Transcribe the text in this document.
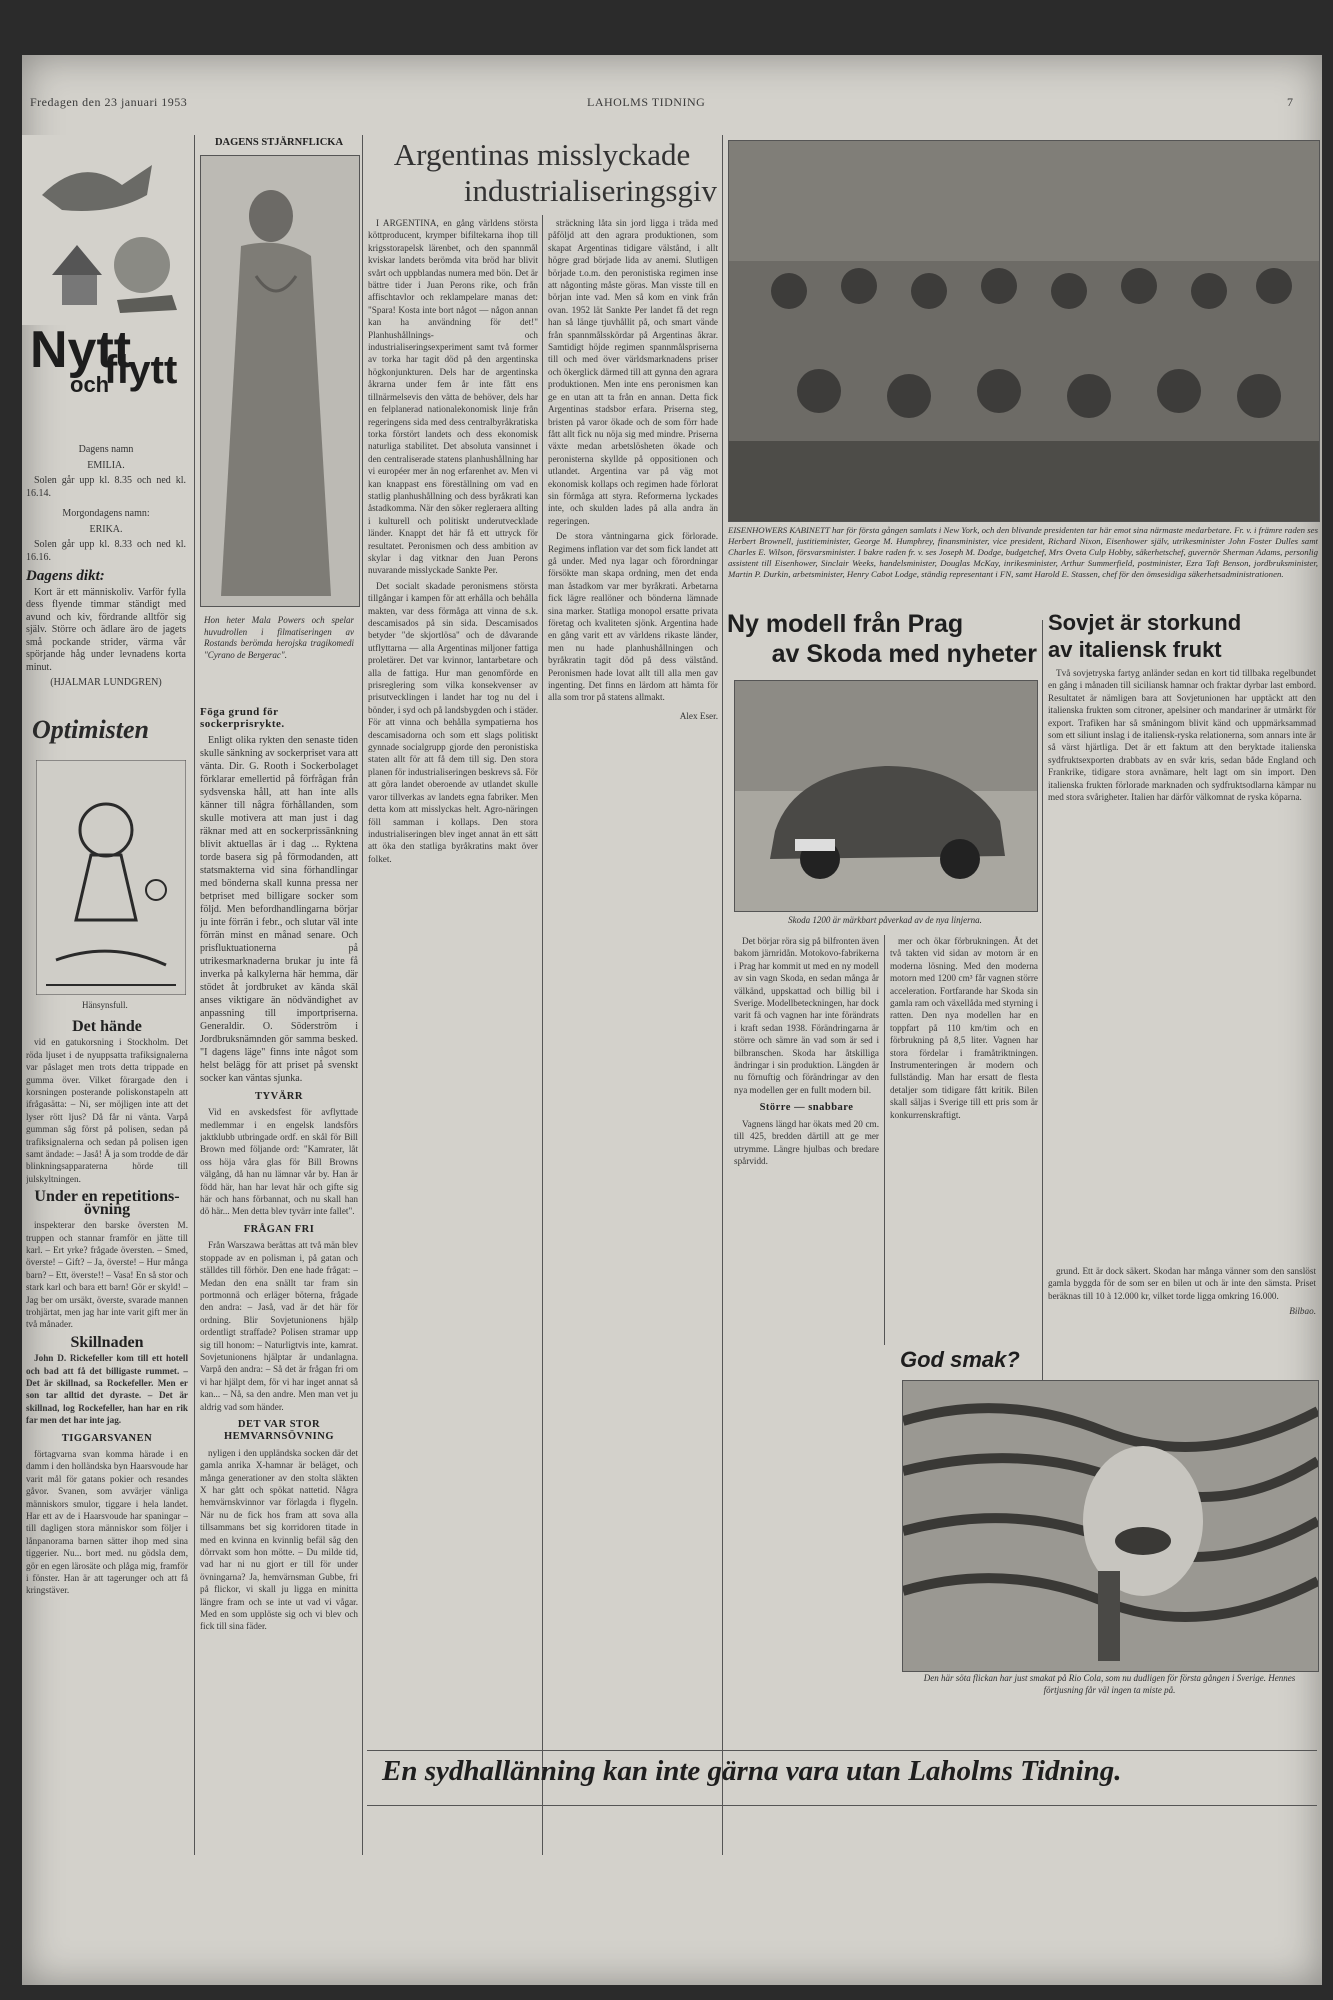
Fredagen den 23 januari 1953	LAHOLMS TIDNING	7
Nytt
och
flytt

Dagens namn

EMILIA.

Solen går upp kl. 8.35 och ned kl. 16.14.

Morgondagens namn:

ERIKA.

Solen går upp kl. 8.33 och ned kl. 16.16.

Dagens dikt:

Kort är ett människoliv. Varför fylla dess flyende timmar ständigt med avund och kiv, fördrande alltför sig själv. Större och ädlare äro de jagets små pockande strider, värma vår spörjande håg under levnadens korta minut.

(HJALMAR LUNDGREN)

Optimisten
Hänsynsfull.
Det hände

vid en gatukorsning i Stockholm. Det röda ljuset i de nyuppsatta trafiksignalerna var påslaget men trots detta trippade en gumma över. Vilket förargade den i korsningen posterande poliskonstapeln att ifrågasätta: – Ni, ser möjligen inte att det lyser rött ljus? Då får ni vänta. Varpå gumman såg först på polisen, sedan på trafiksignalerna och sedan på polisen igen samt ändade: – Jaså! Å ja som trodde de där blinkningsapparaterna hörde till julskyltningen.

Under en repetitions-övning

inspekterar den barske översten M. truppen och stannar framför en jätte till karl. – Ert yrke? frågade översten. – Smed, överste! – Gift? – Ja, överste! – Hur många barn? – Ett, överste!! – Vasa! En så stor och stark karl och bara ett barn! Gör er skyld! – Jag ber om ursäkt, överste, svarade mannen trohjärtat, men jag har inte varit gift mer än två månader.

Skillnaden

John D. Rickefeller kom till ett hotell och bad att få det billigaste rummet. – Det är skillnad, sa Rockefeller. Men er son tar alltid det dyraste. – Det är skillnad, log Rockefeller, han har en rik far men det har inte jag.

TIGGARSVANEN

förtagvarna svan komma härade i en damm i den holländska byn Haarsvoude har varit mål för gatans pokier och resandes gåvor. Svanen, som avvärjer vänliga människors smulor, tiggare i hela landet. Har ett av de i Haarsvoude har spaningar – till dagligen stora människor som följer i lånpanorama barnen sätter ihop med sina tiggerier. Nu... bort med. nu gödsla dem, gör en egen lärosäte och plåga mig, framför i fönster. Han är att tagerunger och att få kringstäver.

DAGENS STJÄRNFLICKA
Hon heter Mala Powers och spelar huvudrollen i filmatiseringen av Rostands berömda herojska tragikomedi "Cyrano de Bergerac".
Föga grund för sockerprisrykte.

Enligt olika rykten den senaste tiden skulle sänkning av sockerpriset vara att vänta. Dir. G. Rooth i Sockerbolaget förklarar emellertid på förfrågan från sydsvenska håll, att han inte alls känner till några förhållanden, som skulle motivera att man just i dag räknar med att en sockerprissänkning blivit aktuellas är i dag ... Ryktena torde basera sig på förmodanden, att statsmakterna vid sina förhandlingar med bönderna skall kunna pressa ner betpriset med billigare socker som följd. Men befordhandlingarna börjar ju inte förrän i febr., och slutar väl inte förrän minst en månad senare. Och prisfluktuationerna på utrikesmarknaderna brukar ju inte få inverka på kalkylerna här hemma, där stödet åt jordbruket av kända skäl anses viktigare än nödvändighet av anpassning till importpriserna. Generaldir. O. Söderström i Jordbruksnämnden gör samma besked. "I dagens läge" finns inte något som helst belägg för att priset på svenskt socker kan väntas sjunka.

TYVÄRR

Vid en avskedsfest för avflyttade medlemmar i en engelsk landsförs jaktklubb utbringade ordf. en skål för Bill Brown med följande ord: "Kamrater, låt oss höja våra glas för Bill Browns välgång, då han nu lämnar vår by. Han är född här, han har levat här och gifte sig här och hans förbannat, och nu skall han dö här... Men detta blev tyvärr inte fallet".

FRÅGAN FRI

Från Warszawa berättas att två män blev stoppade av en polisman i, på gatan och ställdes till förhör. Den ene hade frågat: – Medan den ena snällt tar fram sin portmonnä och erläger böterna, frågade den andra: – Jaså, vad är det här för ordning. Blir Sovjetunionens hjälp ordentligt straffade? Polisen stramar upp sig till honom: – Naturligtvis inte, kamrat. Sovjetunionens hjälptar är undanlagna. Varpå den andra: – Så det är frågan fri om vi har hjälpt dem, för vi har inget annat så kan... – Nå, sa den andre. Men man vet ju aldrig vad som händer.

DET VAR STOR HEMVARNSÖVNING

nyligen i den uppländska socken där det gamla anrika X-hamnar är beläget, och många generationer av den stolta släkten X har gått och spökat nattetid. Några hemvärnskvinnor var förlagda i flygeln. När nu de fick hos fram att sova alla tillsammans bet sig korridoren titade in med en kvinna en kvinnlig befäl såg den dörrvakt som hon mötte. – Du milde tid, vad har ni nu gjort er till för under övningarna? Ja, hemvärnsman Gubbe, fri på flickor, vi skall ju ligga en minitta längre fram och se inte ut vad vi vågar. Med en som upplöste sig och vi blev och fick till sina fäder.

Argentinas misslyckade
industrialiseringsgiv

I ARGENTINA, en gång världens största köttproducent, krymper bifiltekarna ihop till krigsstorapelsk lärenbet, och den spannmål kviskar landets berömda vita bröd har blivit svårt och uppblandas numera med bön. Det är bättre tider i Juan Perons rike, och från affischtavlor och reklampelare manas det: "Spara! Kosta inte bort något — någon annan kan ha användning för det!" Planhushållnings- och industrialiseringsexperiment samt två former av torka har tagit död på den argentinska högkonjunkturen. Dels har de argentinska åkrarna under fem år inte fått ens tillnärmelsevis den vätta de behöver, dels har en felplanerad nationalekonomisk linje från regeringens sida med dess centralbyråkratiska torka förstört landets och dess ekonomisk naturliga stabilitet. Det absoluta vansinnet i den centraliserade statens planhushållning har vi européer mer än nog erfarenhet av. Men vi kan knappast ens föreställning om vad en statlig planhushållning och dess byråkrati kan åstadkomma. När den söker regleraera allting i kulturell och politiskt underutvecklade länder. Knappt det här få ett uttryck för resultatet. Peronismen och dess ambition av skylar i dag vitknar den Juan Perons nuvarande misslyckade Sankte Per.

Det socialt skadade peronismens största tillgångar i kampen för att erhålla och behålla makten, var dess förmåga att vinna de s.k. descamisados på sin sida. Descamisados betyder "de skjortlösa" och de dåvarande utflyttarna — alla Argentinas miljoner fattiga proletärer. Det var kvinnor, lantarbetare och alla de fattiga. Hur man genomförde en prisreglering som vilka konsekvenser av prisutvecklingen i landet har tog nu del i bönder, i syd och på landsbygden och i städer. För att vinna och behålla sympatierna hos descamisadorna och som ett slags politiskt gynnade socialgrupp gjorde den peronistiska staten allt för att få dem till sig. Den stora planen för industrialiseringen beskrevs så. För att göra landet oberoende av utlandet skulle varor tillverkas av landets egna fabriker. Men detta kom att misslyckas helt. Agro-näringen föll samman i kollaps. Den stora industrialiseringen blev inget annat än ett sätt att öka den statliga byråkratins makt över folket.

sträckning låta sin jord ligga i träda med påföljd att den agrara produktionen, som skapat Argentinas tidigare välstånd, i allt högre grad började lida av anemi. Slutligen började t.o.m. den peronistiska regimen inse att någonting måste göras. Man visste till en början inte vad. Men så kom en vink från ovan. 1952 lät Sankte Per landet få det regn han så länge tjuvhållit på, och smart vände från spannmålsskördar på Argentinas åkrar. Samtidigt höjde regimen spannmålspriserna till och med över världsmarknadens priser och ökerglick därmed till att gynna den agrara produktionen. Men inte ens peronismen kan ge en utan att ta från en annan. Detta fick Argentinas stadsbor erfara. Priserna steg, bristen på varor ökade och de som förr hade fått allt fick nu nöja sig med mindre. Priserna växte medan arbetslösheten ökade och peronisterna skyllde på oppositionen och utlandet. Argentina var på väg mot ekonomisk kollaps och regimen hade förlorat sin förmåga att styra. Reformerna lyckades inte, och skulden lades på alla andra än regeringen.

De stora väntningarna gick förlorade. Regimens inflation var det som fick landet att gå under. Med nya lagar och förordningar försökte man skapa ordning, men det enda man åstadkom var mer byråkrati. Arbetarna fick lägre reallöner och bönderna lämnade sina marker. Statliga monopol ersatte privata företag och kvaliteten sjönk. Argentina hade en gång varit ett av världens rikaste länder, men nu hade planhushållningen och byråkratin tagit död på dess välstånd. Peronismen hade lovat allt till alla men gav ingenting. Det finns en lärdom att hämta för alla som tror på statens allmakt.

Alex Eser.

EISENHOWERS KABINETT har för första gången samlats i New York, och den blivande presidenten tar här emot sina närmaste medarbetare. Fr. v. i främre raden ses Herbert Brownell, justitieminister, George M. Humphrey, finansminister, vice president, Richard Nixon, Eisenhower själv, utrikesminister John Foster Dulles samt Charles E. Wilson, försvarsminister. I bakre raden fr. v. ses Joseph M. Dodge, budgetchef, Mrs Oveta Culp Hobby, säkerhetschef, guvernör Sherman Adams, personlig assistent till Eisenhower, Sinclair Weeks, handelsminister, Douglas McKay, inrikesminister, Arthur Summerfield, postminister, Ezra Taft Benson, jordbruksminister, Martin P. Durkin, arbetsminister, Henry Cabot Lodge, ständig representant i FN, samt Harold E. Stassen, chef för den ömsesidiga säkerhetsadministrationen.
Ny modell från Prag
av Skoda med nyheter
Skoda 1200 är märkbart påverkad av de nya linjerna.

Det börjar röra sig på bilfronten även bakom järnridån. Motokovo-fabrikerna i Prag har kommit ut med en ny modell av sin vagn Skoda, en sedan många år välkänd, uppskattad och billig bil i Sverige. Modellbeteckningen, har dock varit fä och vagnen har inte förändrats i kraft sedan 1938. Förändringarna är större och sämre än vad som är sed i bilbranschen. Skoda har åtskilliga ändringar i sin produktion. Längden är nu förnuftig och förändringar av den nya modellen ger en fullt modern bil.

Större — snabbare

Vagnens längd har ökats med 20 cm. till 425, bredden därtill att ge mer utrymme. Längre hjulbas och bredare spårvidd.

mer och ökar förbrukningen. Åt det två takten vid sidan av motorn är en moderna lösning. Med den moderna motorn med 1200 cm³ får vagnen större acceleration. Fortfarande har Skoda sin gamla ram och växellåda med styrning i ratten. Den nya modellen har en toppfart på 110 km/tim och en förbrukning på 8,5 liter. Vagnen har stora fördelar i framåtriktningen. Instrumenteringen är modern och fullständig. Man har ersatt de flesta detaljer som tidigare fått kritik. Bilen skall säljas i Sverige till ett pris som är konkurrenskraftigt.

Sovjet är storkund
av italiensk frukt

Två sovjetryska fartyg anländer sedan en kort tid tillbaka regelbundet en gång i månaden till siciliansk hamnar och fraktar dyrbar last embord. Resultatet är nämligen bara att Sovjetunionen har upptäckt att den italienska frukten som citroner, apelsiner och mandariner är utmärkt för export. Trafiken har så småningom blivit känd och uppmärksammad som ett siliunt inslag i de italiensk-ryska relationerna, som annars inte är så värst hjärtliga. Det är ett faktum att den beryktade italienska sydfruktsexporten drabbats av en svår kris, sedan både England och Frankrike, tidigare stora avnämare, helt lagt om sin import. Den italienska frukten förlorade marknaden och sydfruktsodlarna kämpar nu med stora svårigheter. Italien har därför välkomnat de ryska köparna.

grund. Ett är dock säkert. Skodan har många vänner som den sanslöst gamla byggda för de som ser en bilen ut och är inte den sämsta. Priset beräknas till 10 à 12.000 kr, vilket torde ligga omkring 16.000.

Bilbao.

God smak?
Den här söta flickan har just smakat på Rio Cola, som nu dudligen för första gången i Sverige. Hennes förtjusning får väl ingen ta miste på.
En sydhallänning kan inte gärna vara utan Laholms Tidning.
